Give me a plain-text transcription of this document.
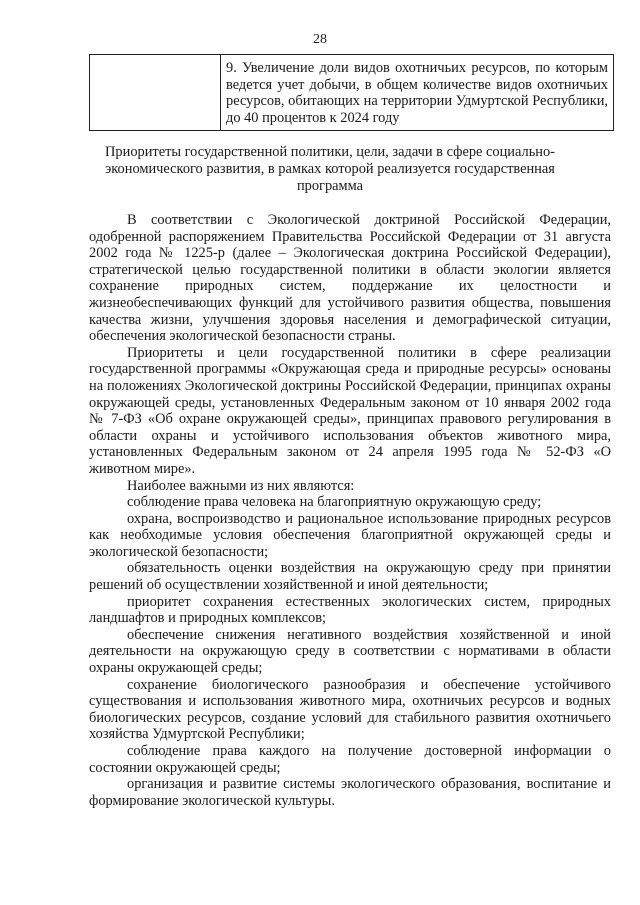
28
	9. Увеличение доли видов охотничьих ресурсов, по которым ведется учет добычи, в общем количестве видов охотничьих ресурсов, обитающих на территории Удмуртской Республики, до 40 процентов к 2024 году
Приоритеты государственной политики, цели, задачи в сфере социально-экономического развития, в рамках которой реализуется государственная программа

В соответствии с Экологической доктриной Российской Федерации, одобренной распоряжением Правительства Российской Федерации от 31 августа 2002 года № 1225-р (далее – Экологическая доктрина Российской Федерации), стратегической целью государственной политики в области экологии является сохранение природных систем, поддержание их целостности и жизнеобеспечивающих функций для устойчивого развития общества, повышения качества жизни, улучшения здоровья населения и демографической ситуации, обеспечения экологической безопасности страны.

Приоритеты и цели государственной политики в сфере реализации государственной программы «Окружающая среда и природные ресурсы» основаны на положениях Экологической доктрины Российской Федерации, принципах охраны окружающей среды, установленных Федеральным законом от 10 января 2002 года № 7-ФЗ «Об охране окружающей среды», принципах правового регулирования в области охраны и устойчивого использования объектов животного мира, установленных Федеральным законом от 24 апреля 1995 года № 52-ФЗ «О животном мире».

Наиболее важными из них являются:

соблюдение права человека на благоприятную окружающую среду;

охрана, воспроизводство и рациональное использование природных ресурсов как необходимые условия обеспечения благоприятной окружающей среды и экологической безопасности;

обязательность оценки воздействия на окружающую среду при принятии решений об осуществлении хозяйственной и иной деятельности;

приоритет сохранения естественных экологических систем, природных ландшафтов и природных комплексов;

обеспечение снижения негативного воздействия хозяйственной и иной деятельности на окружающую среду в соответствии с нормативами в области охраны окружающей среды;

сохранение биологического разнообразия и обеспечение устойчивого существования и использования животного мира, охотничьих ресурсов и водных биологических ресурсов, создание условий для стабильного развития охотничьего хозяйства Удмуртской Республики;

соблюдение права каждого на получение достоверной информации о состоянии окружающей среды;

организация и развитие системы экологического образования, воспитание и формирование экологической культуры.
